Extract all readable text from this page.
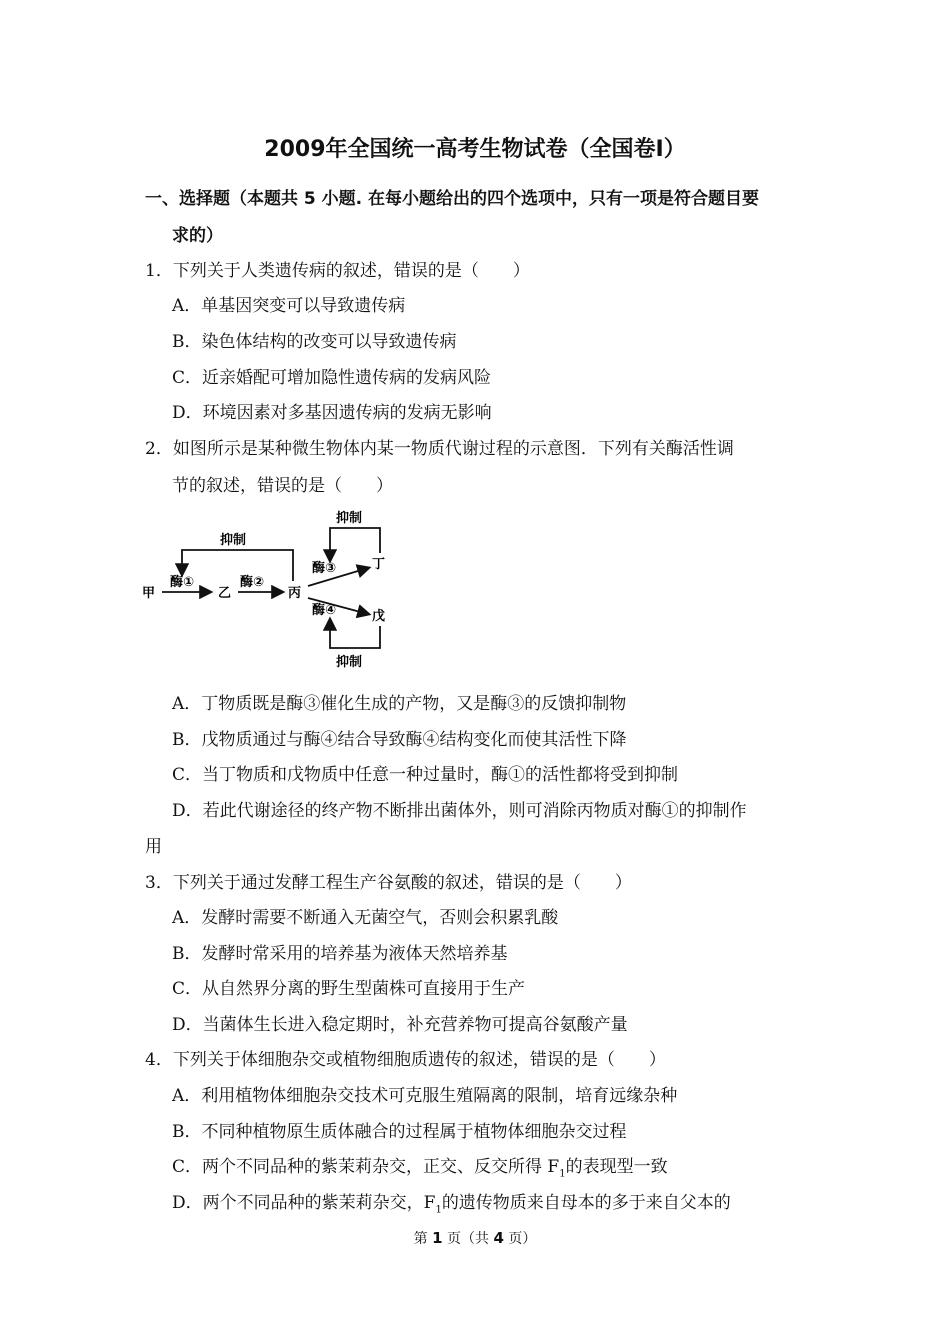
2009年全国统一高考生物试卷（全国卷Ⅰ）
一、选择题（本题共 5 小题. 在每小题给出的四个选项中，只有一项是符合题目要
求的）
1．下列关于人类遗传病的叙述，错误的是（　　）
A．单基因突变可以导致遗传病
B．染色体结构的改变可以导致遗传病
C．近亲婚配可增加隐性遗传病的发病风险
D．环境因素对多基因遗传病的发病无影响
2．如图所示是某种微生物体内某一物质代谢过程的示意图．下列有关酶活性调
节的叙述，错误的是（　　）
抑制
甲
酶①
乙
酶②
丙
酶③	丁
抑制
酶④	戊
抑制
A．丁物质既是酶③催化生成的产物，又是酶③的反馈抑制物
B．戊物质通过与酶④结合导致酶④结构变化而使其活性下降
C．当丁物质和戊物质中任意一种过量时，酶①的活性都将受到抑制
D．若此代谢途径的终产物不断排出菌体外，则可消除丙物质对酶①的抑制作
用
3．下列关于通过发酵工程生产谷氨酸的叙述，错误的是（　　）
A．发酵时需要不断通入无菌空气，否则会积累乳酸
B．发酵时常采用的培养基为液体天然培养基
C．从自然界分离的野生型菌株可直接用于生产
D．当菌体生长进入稳定期时，补充营养物可提高谷氨酸产量
4．下列关于体细胞杂交或植物细胞质遗传的叙述，错误的是（　　）
A．利用植物体细胞杂交技术可克服生殖隔离的限制，培育远缘杂种
B．不同种植物原生质体融合的过程属于植物体细胞杂交过程
C．两个不同品种的紫茉莉杂交，正交、反交所得 $F_1$的表现型一致
D．两个不同品种的紫茉莉杂交，$F_1$的遗传物质来自母本的多于来自父本的
第 1 页（共 4 页）
